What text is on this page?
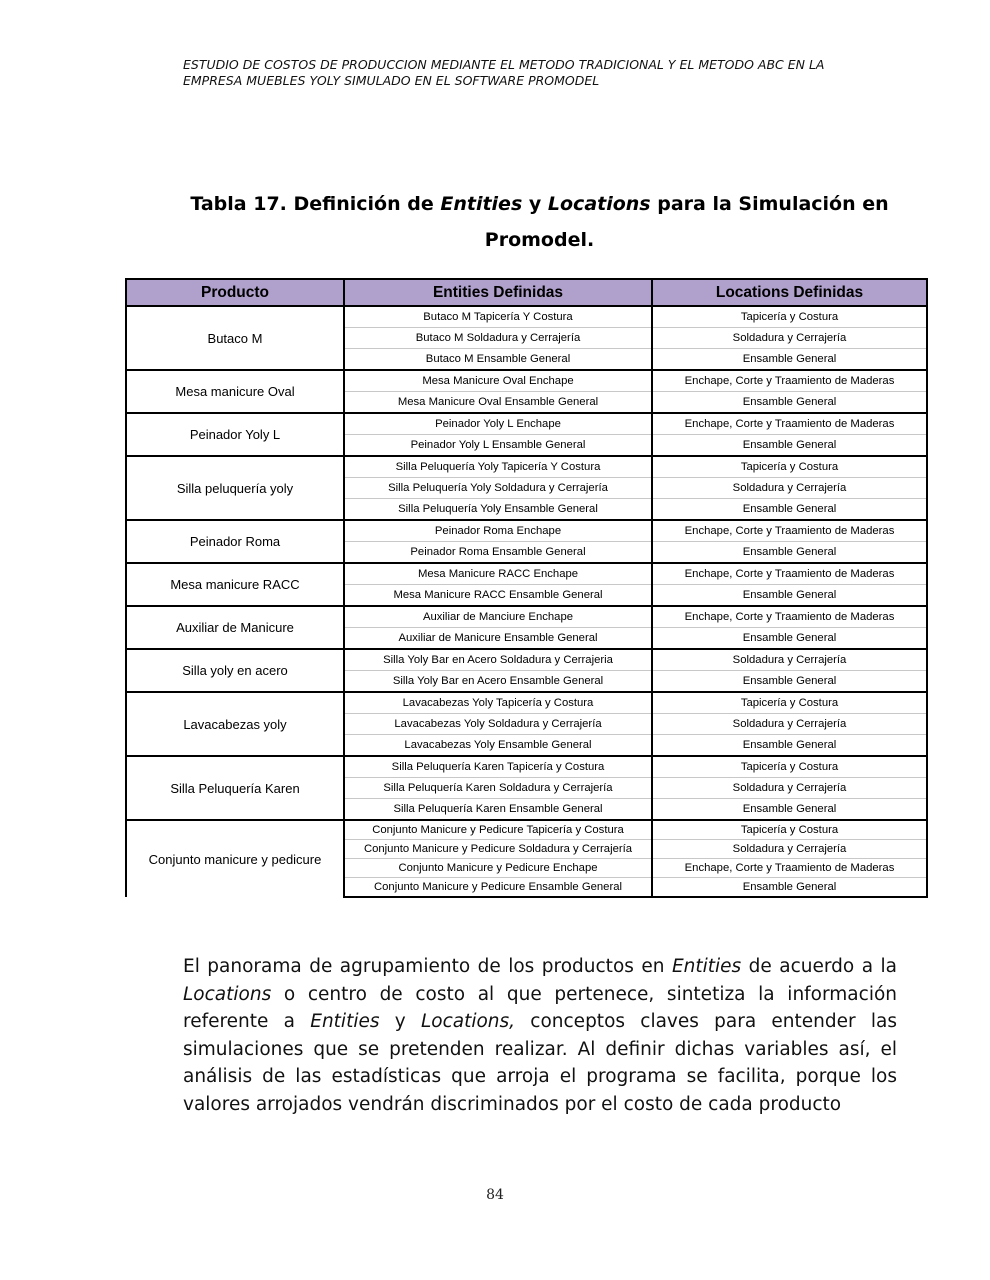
ESTUDIO DE COSTOS DE PRODUCCION MEDIANTE EL METODO TRADICIONAL Y EL METODO ABC EN LA
EMPRESA MUEBLES YOLY SIMULADO EN EL SOFTWARE PROMODEL
Tabla 17. Definición de Entities y Locations para la Simulación en
Promodel.
Producto	Entities Definidas	Locations Definidas
Butaco M	Butaco M Tapicería Y Costura	Tapicería y Costura
	Butaco M Soldadura y Cerrajería	Soldadura y Cerrajería
	Butaco M Ensamble General	Ensamble General
Mesa manicure Oval	Mesa Manicure Oval Enchape	Enchape, Corte y Traamiento de Maderas
	Mesa Manicure Oval Ensamble General	Ensamble General
Peinador Yoly L	Peinador Yoly L Enchape	Enchape, Corte y Traamiento de Maderas
	Peinador Yoly L Ensamble General	Ensamble General
Silla peluquería yoly	Silla Peluquería Yoly Tapicería Y Costura	Tapicería y Costura
	Silla Peluquería Yoly Soldadura y Cerrajería	Soldadura y Cerrajería
	Silla Peluquería Yoly Ensamble General	Ensamble General
Peinador Roma	Peinador Roma Enchape	Enchape, Corte y Traamiento de Maderas
	Peinador Roma Ensamble General	Ensamble General
Mesa manicure RACC	Mesa Manicure RACC Enchape	Enchape, Corte y Traamiento de Maderas
	Mesa Manicure RACC Ensamble General	Ensamble General
Auxiliar de Manicure	Auxiliar de Manciure Enchape	Enchape, Corte y Traamiento de Maderas
	Auxiliar de Manicure Ensamble General	Ensamble General
Silla yoly en acero	Silla Yoly Bar en Acero Soldadura y Cerrajeria	Soldadura y Cerrajería
	Silla Yoly Bar en Acero Ensamble General	Ensamble General
Lavacabezas yoly	Lavacabezas Yoly Tapicería y Costura	Tapicería y Costura
	Lavacabezas Yoly Soldadura y Cerrajería	Soldadura y Cerrajería
	Lavacabezas Yoly Ensamble General	Ensamble General
Silla Peluquería Karen	Silla Peluquería Karen Tapicería y Costura	Tapicería y Costura
	Silla Peluquería Karen Soldadura y Cerrajería	Soldadura y Cerrajería
	Silla Peluquería Karen Ensamble General	Ensamble General
Conjunto manicure y pedicure	Conjunto Manicure y Pedicure Tapicería y Costura	Tapicería y Costura
	Conjunto Manicure y Pedicure Soldadura y Cerrajería	Soldadura y Cerrajería
	Conjunto Manicure y Pedicure Enchape	Enchape, Corte y Traamiento de Maderas
	Conjunto Manicure y Pedicure Ensamble General	Ensamble General

El panorama de agrupamiento de los productos en Entities de acuerdo a la Locations o centro de costo al que pertenece, sintetiza la información referente a Entities y Locations, conceptos claves para entender las simulaciones que se pretenden realizar. Al definir dichas variables así, el análisis de las estadísticas que arroja el programa se facilita, porque los valores arrojados vendrán discriminados por el costo de cada producto

84
